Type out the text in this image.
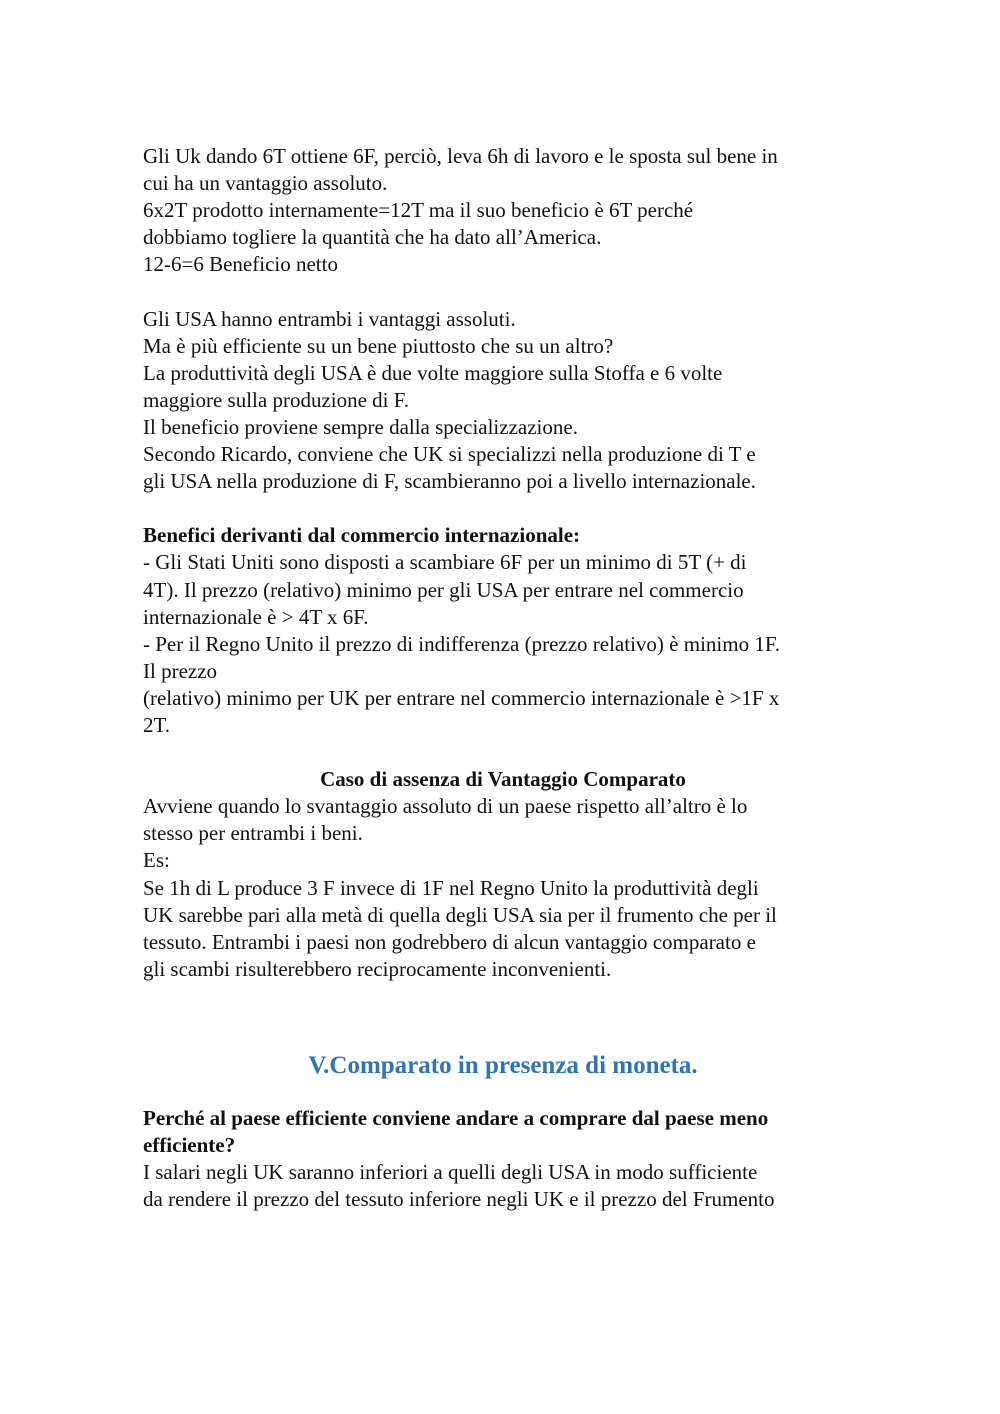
Gli Uk dando 6T ottiene 6F, perciò, leva 6h di lavoro e le sposta sul bene in
cui ha un vantaggio assoluto.
6x2T prodotto internamente=12T ma il suo beneficio è 6T perché
dobbiamo togliere la quantità che ha dato all’America.
12-6=6 Beneficio netto
Gli USA hanno entrambi i vantaggi assoluti.
Ma è più efficiente su un bene piuttosto che su un altro?
La produttività degli USA è due volte maggiore sulla Stoffa e 6 volte
maggiore sulla produzione di F.
Il beneficio proviene sempre dalla specializzazione.
Secondo Ricardo, conviene che UK si specializzi nella produzione di T e
gli USA nella produzione di F, scambieranno poi a livello internazionale.
Benefici derivanti dal commercio internazionale:
- Gli Stati Uniti sono disposti a scambiare 6F per un minimo di 5T (+ di
4T). Il prezzo (relativo) minimo per gli USA per entrare nel commercio
internazionale è > 4T x 6F.
- Per il Regno Unito il prezzo di indifferenza (prezzo relativo) è minimo 1F.
Il prezzo
(relativo) minimo per UK per entrare nel commercio internazionale è >1F x
2T.
Caso di assenza di Vantaggio Comparato
Avviene quando lo svantaggio assoluto di un paese rispetto all’altro è lo
stesso per entrambi i beni.
Es:
Se 1h di L produce 3 F invece di 1F nel Regno Unito la produttività degli
UK sarebbe pari alla metà di quella degli USA sia per il frumento che per il
tessuto. Entrambi i paesi non godrebbero di alcun vantaggio comparato e
gli scambi risulterebbero reciprocamente inconvenienti.
V.Comparato in presenza di moneta.
Perché al paese efficiente conviene andare a comprare dal paese meno
efficiente?
I salari negli UK saranno inferiori a quelli degli USA in modo sufficiente
da rendere il prezzo del tessuto inferiore negli UK e il prezzo del Frumento
